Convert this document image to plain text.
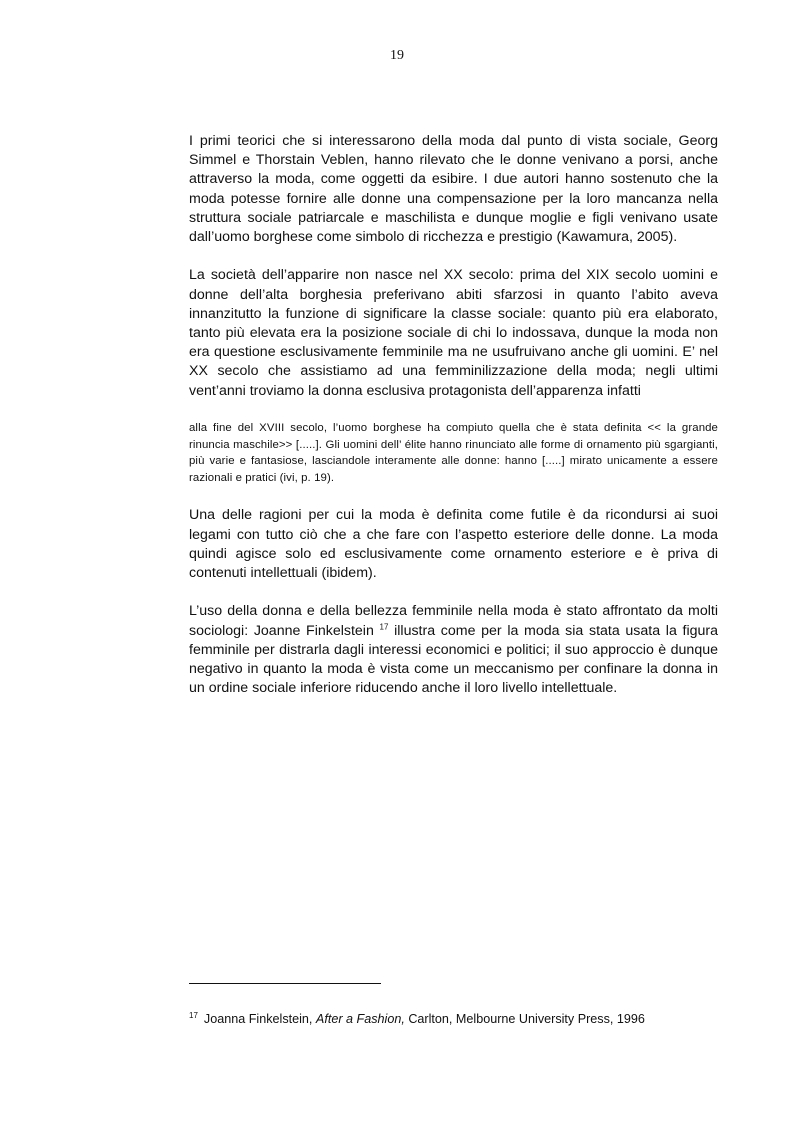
19

I primi teorici che si interessarono della moda dal punto di vista sociale, Georg Simmel e Thorstain Veblen, hanno rilevato che le donne venivano a porsi, anche attraverso la moda, come oggetti da esibire. I due autori hanno sostenuto che la moda potesse fornire alle donne una compensazione per la loro mancanza nella struttura sociale patriarcale e maschilista e dunque moglie e figli venivano usate dall’uomo borghese come simbolo di ricchezza e prestigio (Kawamura, 2005).

La società dell’apparire non nasce nel XX secolo: prima del XIX secolo uomini e donne dell’alta borghesia preferivano abiti sfarzosi in quanto l’abito aveva innanzitutto la funzione di significare la classe sociale: quanto più era elaborato, tanto più elevata era la posizione sociale di chi lo indossava, dunque la moda non era questione esclusivamente femminile ma ne usufruivano anche gli uomini. E’ nel XX secolo che assistiamo ad una femminilizzazione della moda; negli ultimi vent’anni troviamo la donna esclusiva protagonista dell’apparenza infatti

alla fine del XVIII secolo, l’uomo borghese ha compiuto quella che è stata definita << la grande rinuncia maschile>> [.....]. Gli uomini dell’ élite hanno rinunciato alle forme di ornamento più sgargianti, più varie e fantasiose, lasciandole interamente alle donne: hanno [.....] mirato unicamente a essere razionali e pratici (ivi, p. 19).

Una delle ragioni per cui la moda è definita come futile è da ricondursi ai suoi legami con tutto ciò che a che fare con l’aspetto esteriore delle donne. La moda quindi agisce solo ed esclusivamente come ornamento esteriore e è priva di contenuti intellettuali (ibidem).

L’uso della donna e della bellezza femminile nella moda è stato affrontato da molti sociologi: Joanne Finkelstein $^{17}$ illustra come per la moda sia stata usata la figura femminile per distrarla dagli interessi economici e politici; il suo approccio è dunque negativo in quanto la moda è vista come un meccanismo per confinare la donna in un ordine sociale inferiore riducendo anche il loro livello intellettuale.

$^{17}$ Joanna Finkelstein, After a Fashion, Carlton, Melbourne University Press, 1996
